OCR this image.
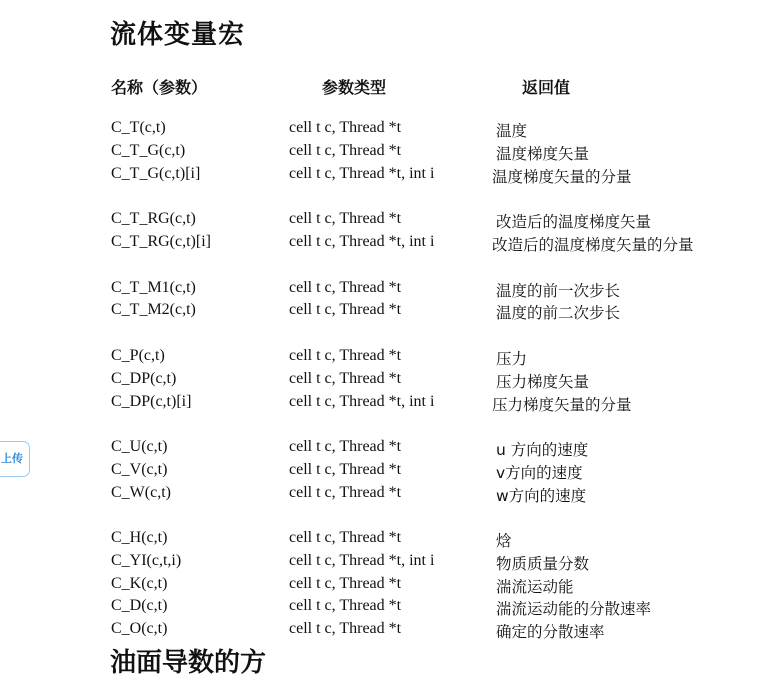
流体变量宏
名称（参数）	参数类型	返回值
C_T(c,t)	cell t c, Thread *t	温度
C_T_G(c,t)	cell t c, Thread *t	温度梯度矢量
C_T_G(c,t)[i]	cell t c, Thread *t, int i	温度梯度矢量的分量
C_T_RG(c,t)	cell t c, Thread *t	改造后的温度梯度矢量
C_T_RG(c,t)[i]	cell t c, Thread *t, int i	改造后的温度梯度矢量的分量
C_T_M1(c,t)	cell t c, Thread *t	温度的前一次步长
C_T_M2(c,t)	cell t c, Thread *t	温度的前二次步长
C_P(c,t)	cell t c, Thread *t	压力
C_DP(c,t)	cell t c, Thread *t	压力梯度矢量
C_DP(c,t)[i]	cell t c, Thread *t, int i	压力梯度矢量的分量
C_U(c,t)	cell t c, Thread *t	u 方向的速度
C_V(c,t)	cell t c, Thread *t	v方向的速度
C_W(c,t)	cell t c, Thread *t	w方向的速度
C_H(c,t)	cell t c, Thread *t	焓
C_YI(c,t,i)	cell t c, Thread *t, int i	物质质量分数
C_K(c,t)	cell t c, Thread *t	湍流运动能
C_D(c,t)	cell t c, Thread *t	湍流运动能的分散速率
C_O(c,t)	cell t c, Thread *t	确定的分散速率
上传
油面导数的方
